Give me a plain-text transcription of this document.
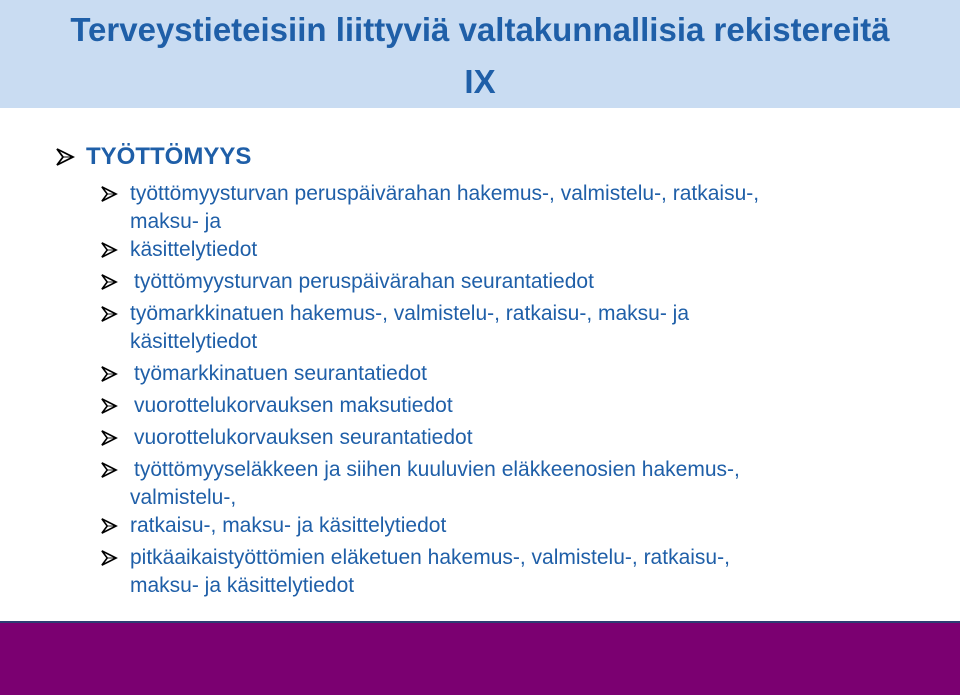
Terveystieteisiin liittyviä valtakunnallisia rekistereitä
IX
TYÖTTÖMYYS
työttömyysturvan peruspäivärahan hakemus-, valmistelu-, ratkaisu-,
maksu- ja
käsittelytiedot
työttömyysturvan peruspäivärahan seurantatiedot
työmarkkinatuen hakemus-, valmistelu-, ratkaisu-, maksu- ja
käsittelytiedot
työmarkkinatuen seurantatiedot
vuorottelukorvauksen maksutiedot
vuorottelukorvauksen seurantatiedot
työttömyyseläkkeen ja siihen kuuluvien eläkkeenosien hakemus-,
valmistelu-,
ratkaisu-, maksu- ja käsittelytiedot
pitkäaikaistyöttömien eläketuen hakemus-, valmistelu-, ratkaisu-,
maksu- ja käsittelytiedot
